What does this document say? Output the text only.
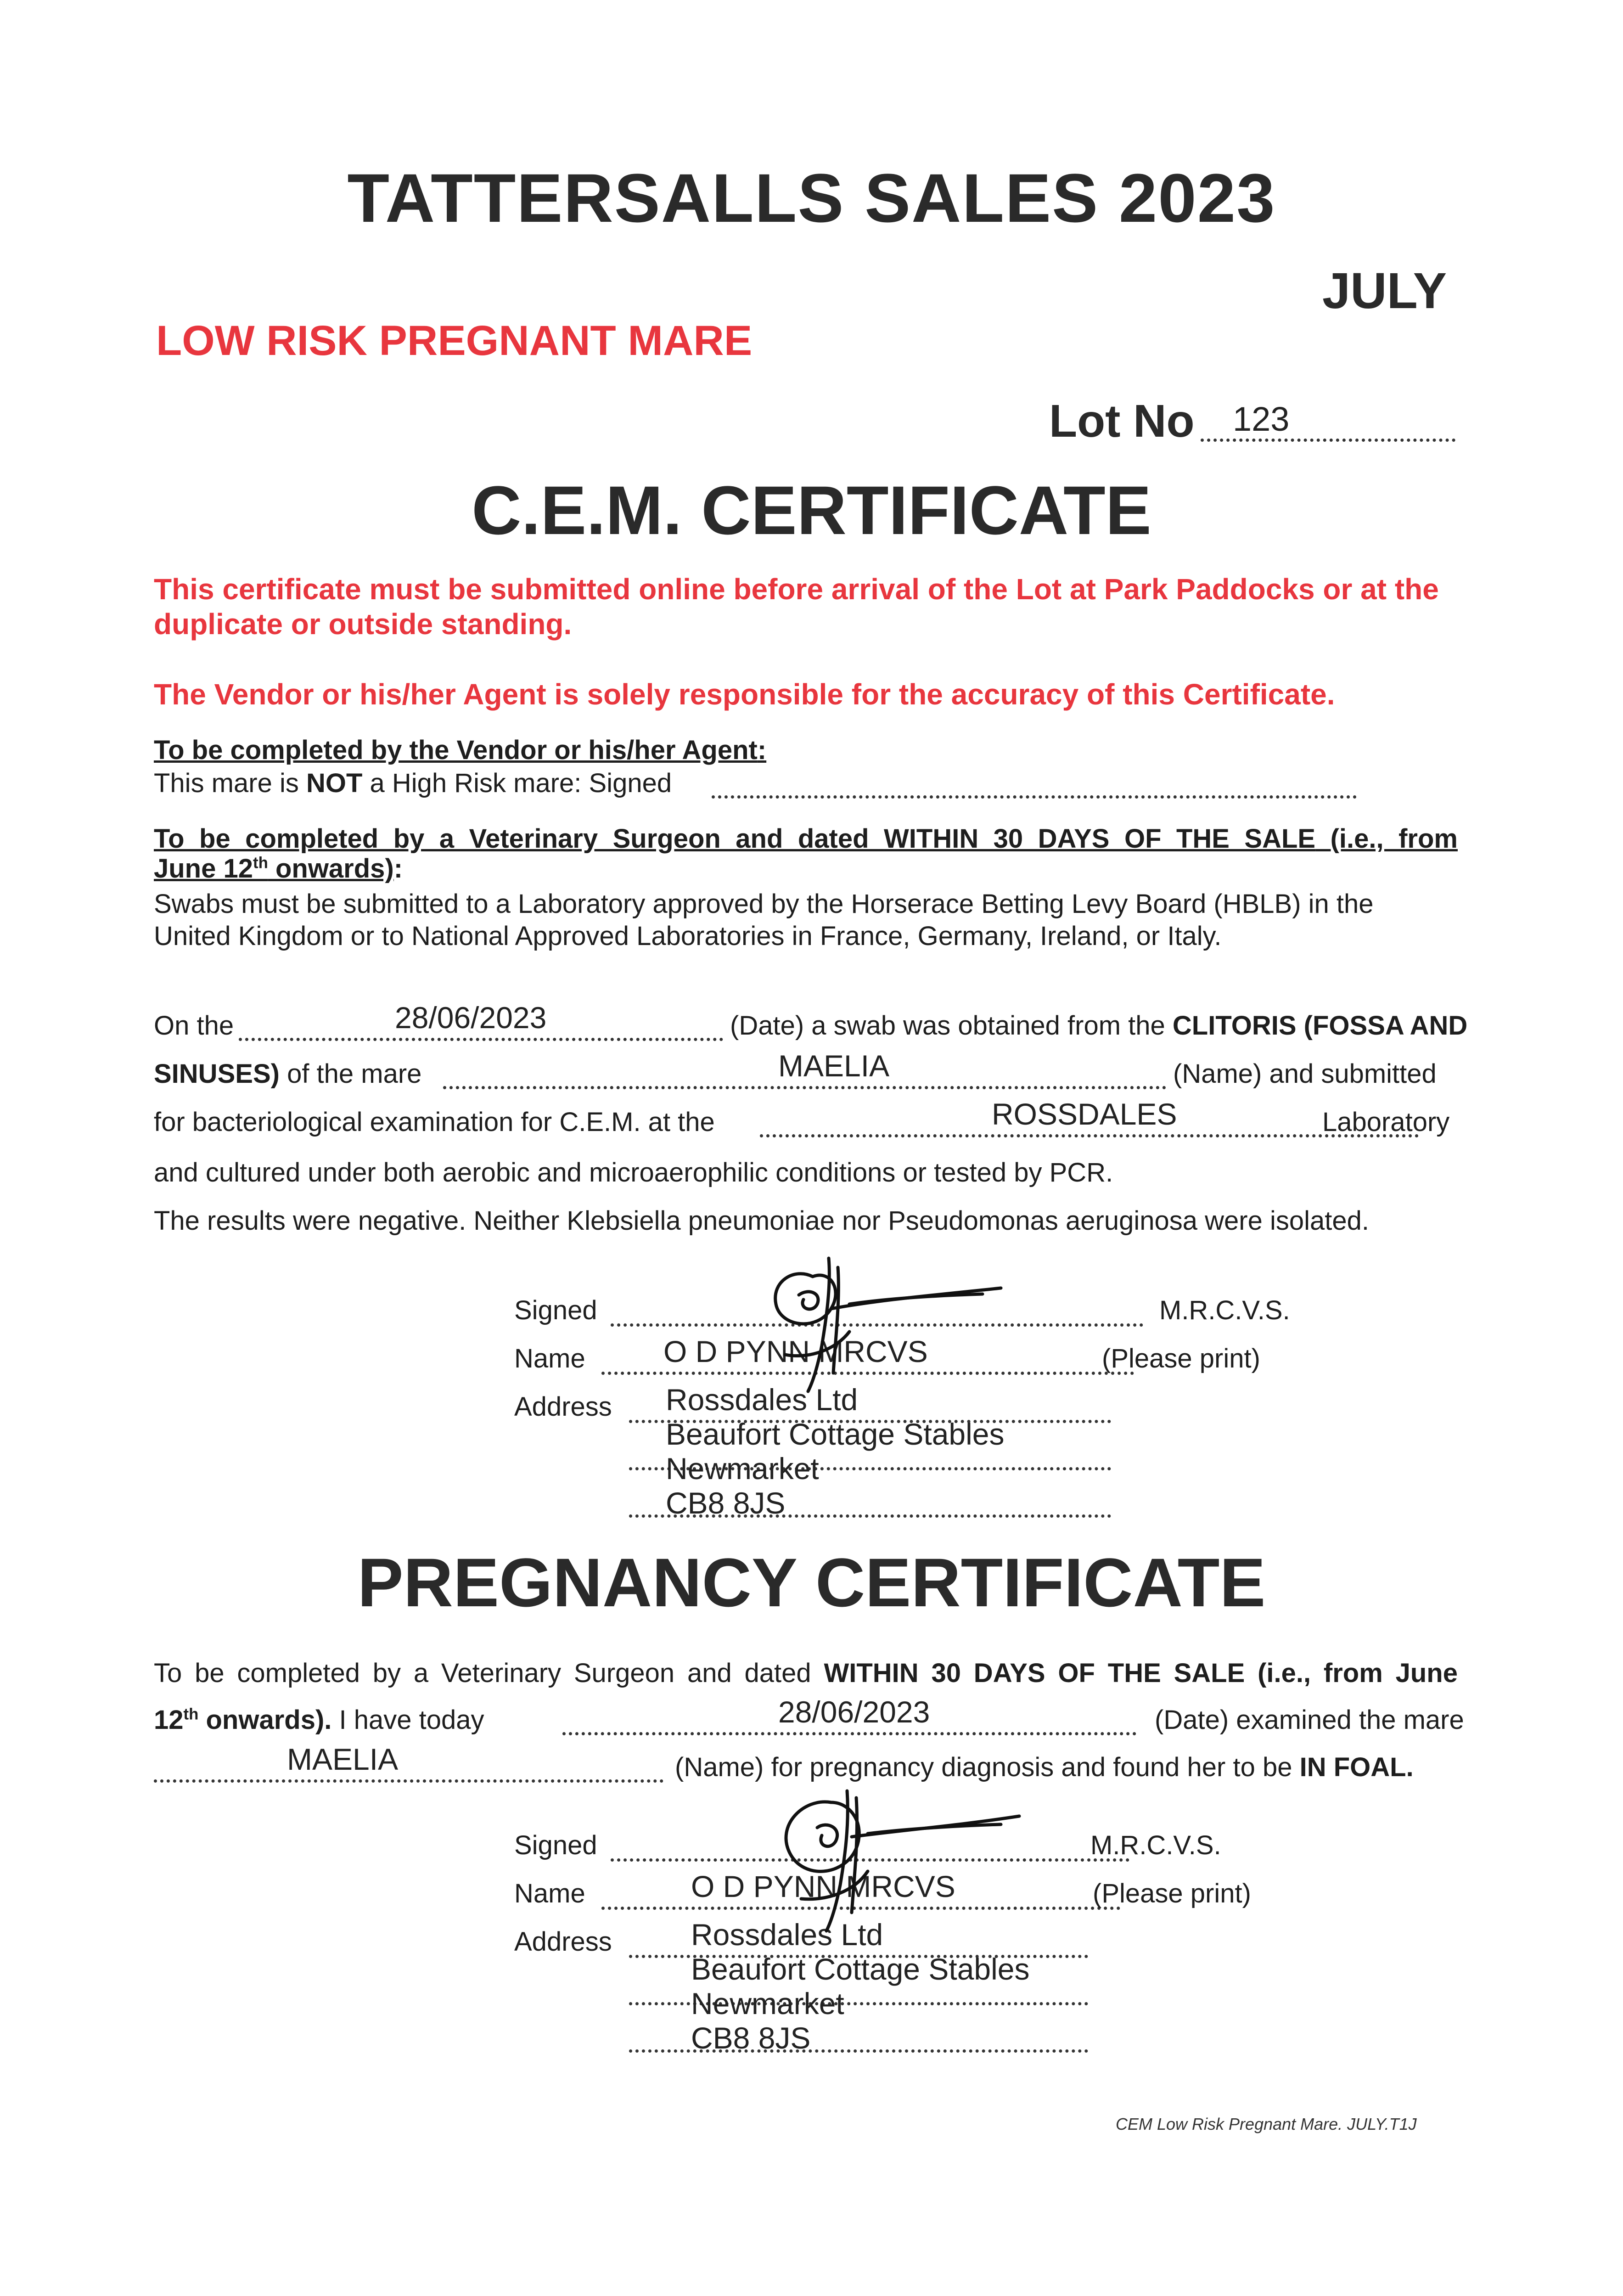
TATTERSALLS SALES 2023
JULY
LOW RISK PREGNANT MARE
Lot No 123
C.E.M. CERTIFICATE
This certificate must be submitted online before arrival of the Lot at Park Paddocks or at the duplicate or outside standing.
The Vendor or his/her Agent is solely responsible for the accuracy of this Certificate.
To be completed by the Vendor or his/her Agent:
This mare is NOT a High Risk mare: Signed
To be completed by a Veterinary Surgeon and dated WITHIN 30 DAYS OF THE SALE (i.e., from
June 12th onwards):
Swabs must be submitted to a Laboratory approved by the Horserace Betting Levy Board (HBLB) in the
United Kingdom or to National Approved Laboratories in France, Germany, Ireland, or Italy.
On the	28/06/2023	(Date) a swab was obtained from the CLITORIS (FOSSA AND
SINUSES) of the mare	MAELIA	(Name) and submitted
for bacteriological examination for C.E.M. at the	ROSSDALES	Laboratory
and cultured under both aerobic and microaerophilic conditions or tested by PCR.
The results were negative. Neither Klebsiella pneumoniae nor Pseudomonas aeruginosa were isolated.
Signed	M.R.C.V.S.
Name	O D PYNN MRCVS	(Please print)
Address Rossdales Ltd
Beaufort Cottage Stables
Newmarket
CB8 8JS
PREGNANCY CERTIFICATE
To be completed by a Veterinary Surgeon and dated WITHIN 30 DAYS OF THE SALE (i.e., from June
12th onwards). I have today	28/06/2023	(Date) examined the mare
MAELIA	(Name) for pregnancy diagnosis and found her to be IN FOAL.
Signed	M.R.C.V.S.
Name	O D PYNN MRCVS	(Please print)
Address	Rossdales Ltd
Beaufort Cottage Stables
Newmarket
CB8 8JS
CEM Low Risk Pregnant Mare. JULY.T1J
